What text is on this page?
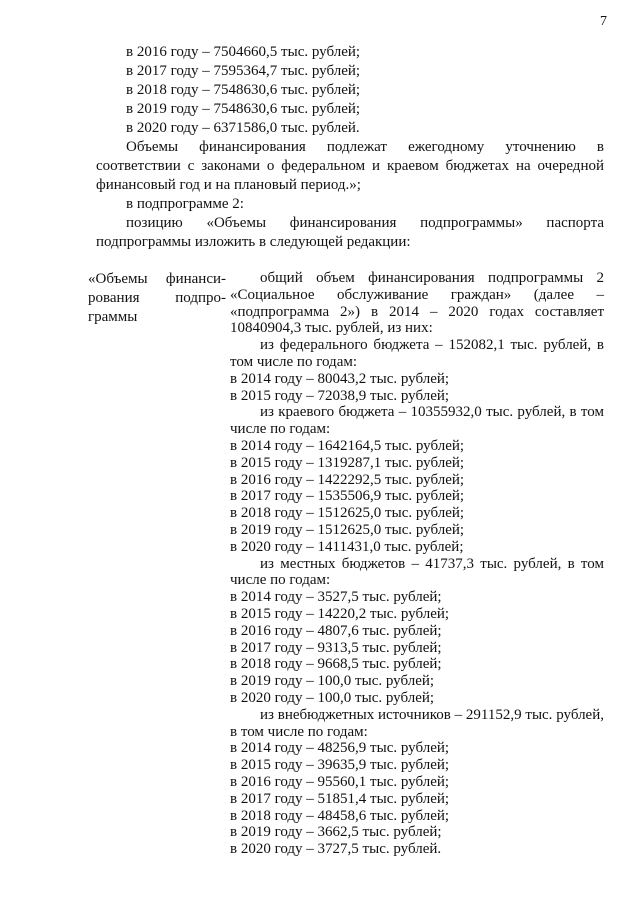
7
в 2016 году – 7504660,5 тыс. рублей;
в 2017 году – 7595364,7 тыс. рублей;
в 2018 году – 7548630,6 тыс. рублей;
в 2019 году – 7548630,6 тыс. рублей;
в 2020 году – 6371586,0 тыс. рублей.
Объемы финансирования подлежат ежегодному уточнению в соответствии с законами о федеральном и краевом бюджетах на очередной финансовый год и на плановый период.»;
в подпрограмме 2:
позицию «Объемы финансирования подпрограммы» паспорта подпрограммы изложить в следующей редакции:
«Объемы финанси-
рования подпро-
граммы
общий объем финансирования подпрограммы 2 «Социальное обслуживание граждан» (далее – «подпрограмма 2») в 2014 – 2020 годах составляет 10840904,3 тыс. рублей, из них:
из федерального бюджета – 152082,1 тыс. рублей, в том числе по годам:
в 2014 году – 80043,2 тыс. рублей;
в 2015 году – 72038,9 тыс. рублей;
из краевого бюджета – 10355932,0 тыс. рублей, в том числе по годам:
в 2014 году – 1642164,5 тыс. рублей;
в 2015 году – 1319287,1 тыс. рублей;
в 2016 году – 1422292,5 тыс. рублей;
в 2017 году – 1535506,9 тыс. рублей;
в 2018 году – 1512625,0 тыс. рублей;
в 2019 году – 1512625,0 тыс. рублей;
в 2020 году – 1411431,0 тыс. рублей;
из местных бюджетов – 41737,3 тыс. рублей, в том числе по годам:
в 2014 году – 3527,5 тыс. рублей;
в 2015 году – 14220,2 тыс. рублей;
в 2016 году – 4807,6 тыс. рублей;
в 2017 году – 9313,5 тыс. рублей;
в 2018 году – 9668,5 тыс. рублей;
в 2019 году – 100,0 тыс. рублей;
в 2020 году – 100,0 тыс. рублей;
из внебюджетных источников – 291152,9 тыс. рублей, в том числе по годам:
в 2014 году – 48256,9 тыс. рублей;
в 2015 году – 39635,9 тыс. рублей;
в 2016 году – 95560,1 тыс. рублей;
в 2017 году – 51851,4 тыс. рублей;
в 2018 году – 48458,6 тыс. рублей;
в 2019 году – 3662,5 тыс. рублей;
в 2020 году – 3727,5 тыс. рублей.
